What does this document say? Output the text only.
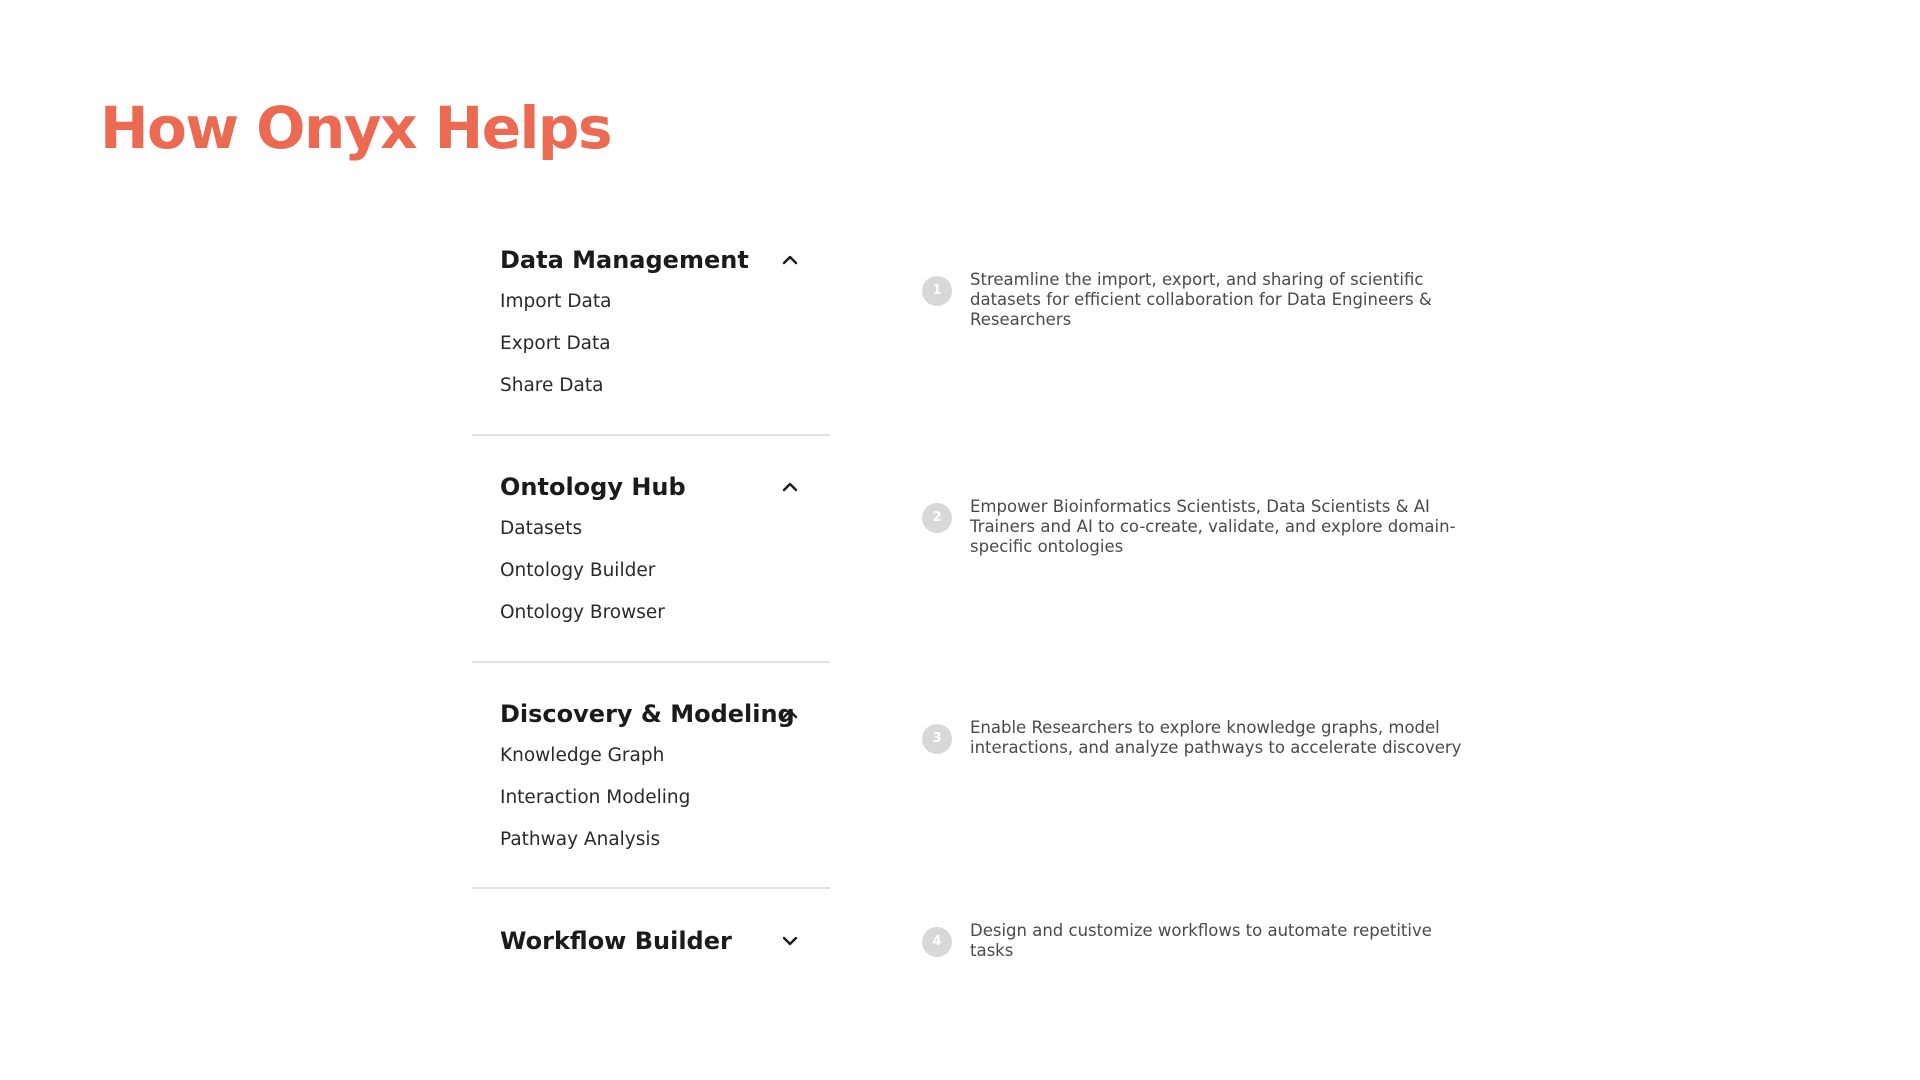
How Onyx Helps
Data Management
Import Data
Export Data
Share Data
1

Streamline the import, export, and sharing of scientific datasets for efficient collaboration for Data Engineers & Researchers

Ontology Hub
Datasets
Ontology Builder
Ontology Browser
2

Empower Bioinformatics Scientists, Data Scientists & AI Trainers and AI to co-create, validate, and explore domain-specific ontologies

Discovery & Modeling
Knowledge Graph
Interaction Modeling
Pathway Analysis
3

Enable Researchers to explore knowledge graphs, model interactions, and analyze pathways to accelerate discovery

Workflow Builder	4

Design and customize workflows to automate repetitive tasks
